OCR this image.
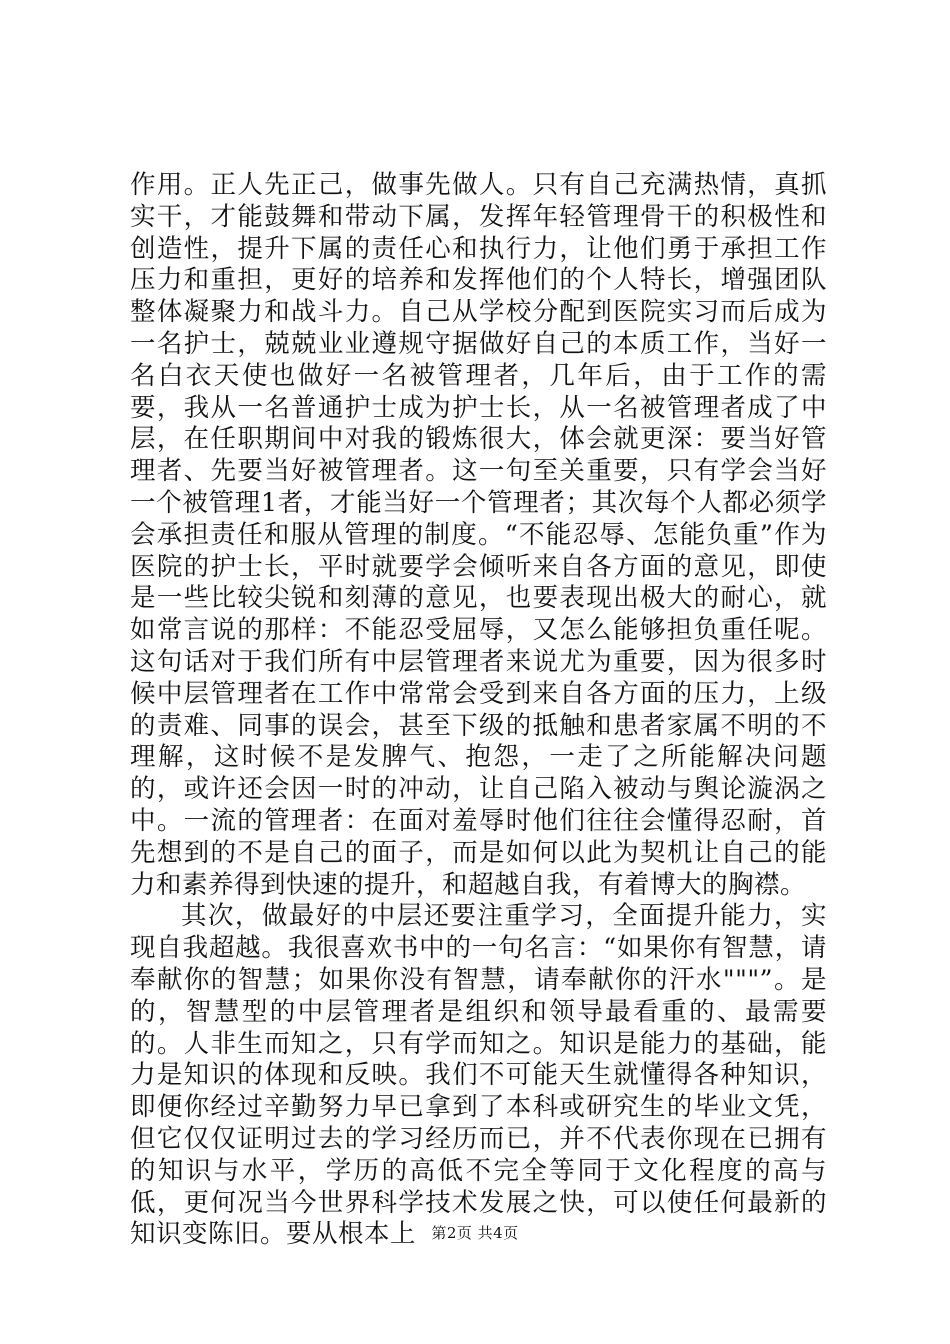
作用。正人先正己，做事先做人。只有自己充满热情，真抓实干，才能鼓舞和带动下属，发挥年轻管理骨干的积极性和创造性，提升下属的责任心和执行力，让他们勇于承担工作压力和重担，更好的培养和发挥他们的个人特长，增强团队整体凝聚力和战斗力。自己从学校分配到医院实习而后成为一名护士，兢兢业业遵规守据做好自己的本质工作，当好一名白衣天使也做好一名被管理者，几年后，由于工作的需要，我从一名普通护士成为护士长，从一名被管理者成了中层，在任职期间中对我的锻炼很大，体会就更深：要当好管理者、先要当好被管理者。这一句至关重要，只有学会当好一个被管理1者，才能当好一个管理者；其次每个人都必须学会承担责任和服从管理的制度。“不能忍辱、怎能负重”作为医院的护士长，平时就要学会倾听来自各方面的意见，即使是一些比较尖锐和刻薄的意见，也要表现出极大的耐心，就如常言说的那样：不能忍受屈辱，又怎么能够担负重任呢。这句话对于我们所有中层管理者来说尤为重要，因为很多时候中层管理者在工作中常常会受到来自各方面的压力，上级的责难、同事的误会，甚至下级的抵触和患者家属不明的不理解，这时候不是发脾气、抱怨，一走了之所能解决问题的，或许还会因一时的冲动，让自己陷入被动与舆论漩涡之中。一流的管理者：在面对羞辱时他们往往会懂得忍耐，首先想到的不是自己的面子，而是如何以此为契机让自己的能力和素养得到快速的提升，和超越自我，有着博大的胸襟。

其次，做最好的中层还要注重学习，全面提升能力，实现自我超越。我很喜欢书中的一句名言：“如果你有智慧，请奉献你的智慧；如果你没有智慧，请奉献你的汗水"""”。是的，智慧型的中层管理者是组织和领导最看重的、最需要的。人非生而知之，只有学而知之。知识是能力的基础，能力是知识的体现和反映。我们不可能天生就懂得各种知识，即便你经过辛勤努力早已拿到了本科或研究生的毕业文凭，但它仅仅证明过去的学习经历而已，并不代表你现在已拥有的知识与水平，学历的高低不完全等同于文化程度的高与低，更何况当今世界科学技术发展之快，可以使任何最新的知识变陈旧。要从根本上	第2页 共4页
